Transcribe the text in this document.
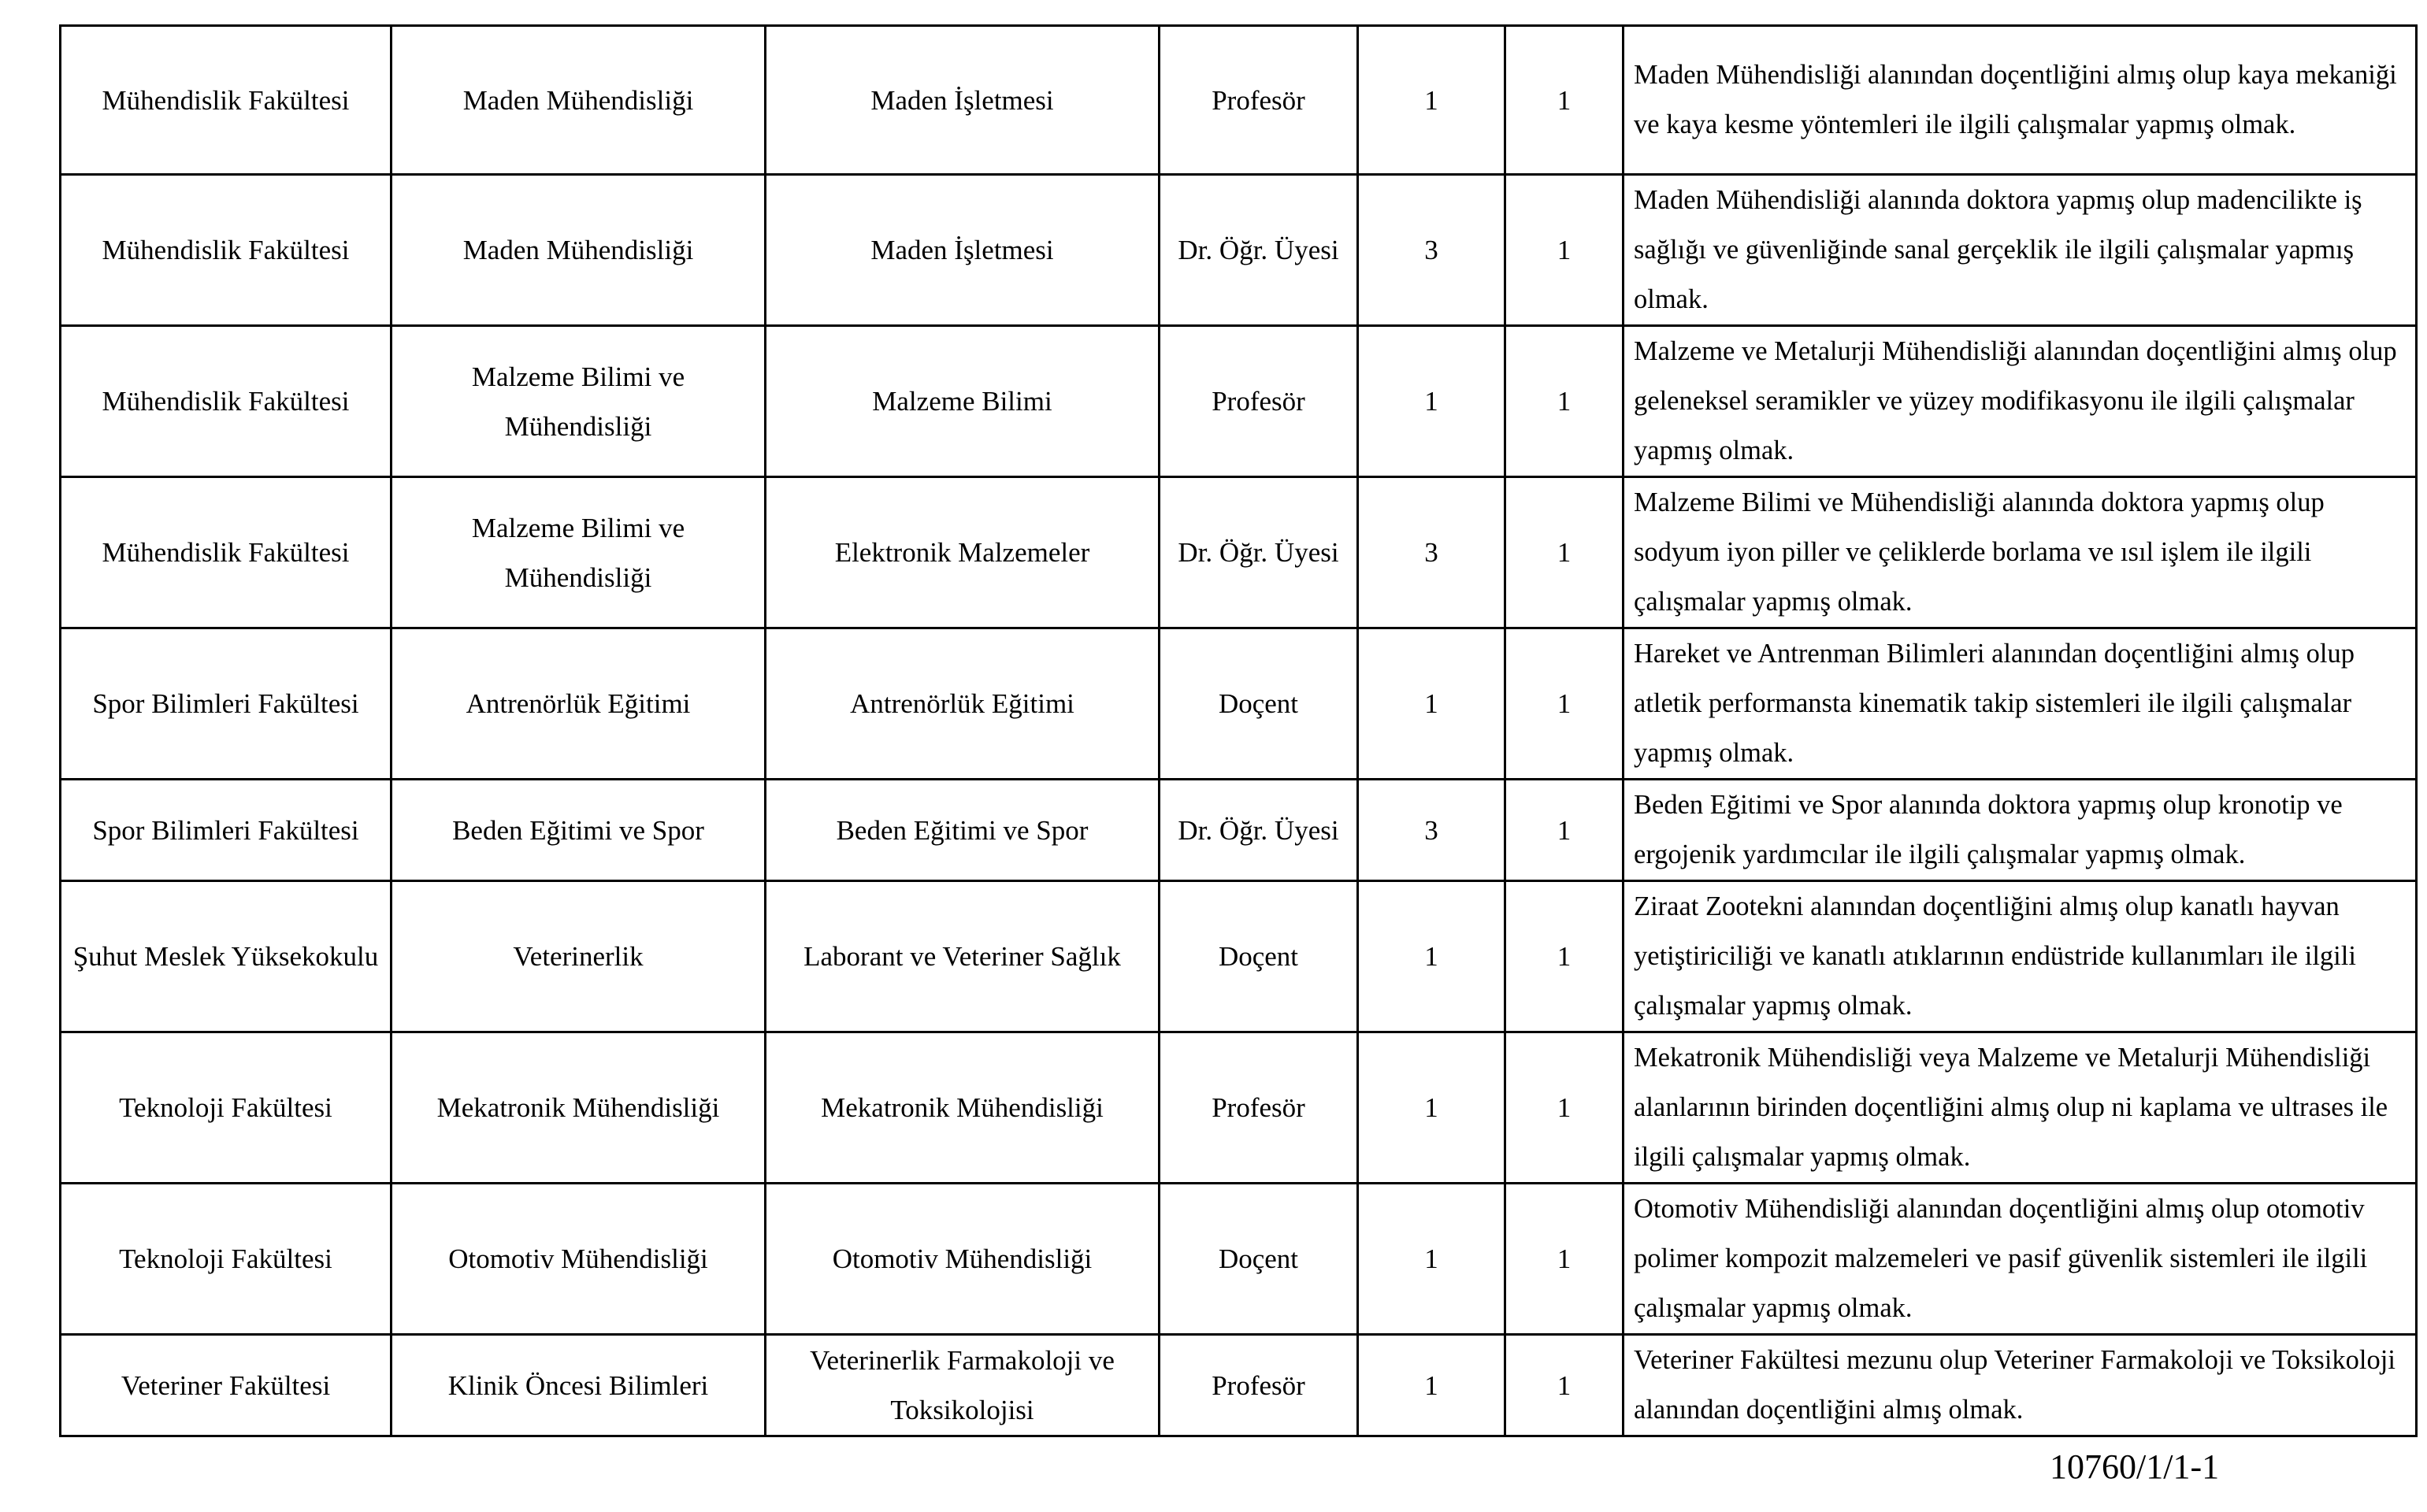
Mühendislik Fakültesi	Maden Mühendisliği	Maden İşletmesi	Profesör	1	1	Maden Mühendisliği alanından doçentliğini almış olup kaya mekaniği ve kaya kesme yöntemleri ile ilgili çalışmalar yapmış olmak.
Mühendislik Fakültesi	Maden Mühendisliği	Maden İşletmesi	Dr. Öğr. Üyesi	3	1	Maden Mühendisliği alanında doktora yapmış olup madencilikte iş sağlığı ve güvenliğinde sanal gerçeklik ile ilgili çalışmalar yapmış olmak.
Mühendislik Fakültesi	Malzeme Bilimi ve Mühendisliği	Malzeme Bilimi	Profesör	1	1	Malzeme ve Metalurji Mühendisliği alanından doçentliğini almış olup geleneksel seramikler ve yüzey modifikasyonu ile ilgili çalışmalar yapmış olmak.
Mühendislik Fakültesi	Malzeme Bilimi ve Mühendisliği	Elektronik Malzemeler	Dr. Öğr. Üyesi	3	1	Malzeme Bilimi ve Mühendisliği alanında doktora yapmış olup sodyum iyon piller ve çeliklerde borlama ve ısıl işlem ile ilgili çalışmalar yapmış olmak.
Spor Bilimleri Fakültesi	Antrenörlük Eğitimi	Antrenörlük Eğitimi	Doçent	1	1	Hareket ve Antrenman Bilimleri alanından doçentliğini almış olup atletik performansta kinematik takip sistemleri ile ilgili çalışmalar yapmış olmak.
Spor Bilimleri Fakültesi	Beden Eğitimi ve Spor	Beden Eğitimi ve Spor	Dr. Öğr. Üyesi	3	1	Beden Eğitimi ve Spor alanında doktora yapmış olup kronotip ve ergojenik yardımcılar ile ilgili çalışmalar yapmış olmak.
Şuhut Meslek Yüksekokulu	Veterinerlik	Laborant ve Veteriner Sağlık	Doçent	1	1	Ziraat Zootekni alanından doçentliğini almış olup kanatlı hayvan yetiştiriciliği ve kanatlı atıklarının endüstride kullanımları ile ilgili çalışmalar yapmış olmak.
Teknoloji Fakültesi	Mekatronik Mühendisliği	Mekatronik Mühendisliği	Profesör	1	1	Mekatronik Mühendisliği veya Malzeme ve Metalurji Mühendisliği alanlarının birinden doçentliğini almış olup ni kaplama ve ultrases ile ilgili çalışmalar yapmış olmak.
Teknoloji Fakültesi	Otomotiv Mühendisliği	Otomotiv Mühendisliği	Doçent	1	1	Otomotiv Mühendisliği alanından doçentliğini almış olup otomotiv polimer kompozit malzemeleri ve pasif güvenlik sistemleri ile ilgili çalışmalar yapmış olmak.
Veteriner Fakültesi	Klinik Öncesi Bilimleri	Veterinerlik Farmakoloji ve Toksikolojisi	Profesör	1	1	Veteriner Fakültesi mezunu olup Veteriner Farmakoloji ve Toksikoloji alanından doçentliğini almış olmak.
10760/1/1-1
